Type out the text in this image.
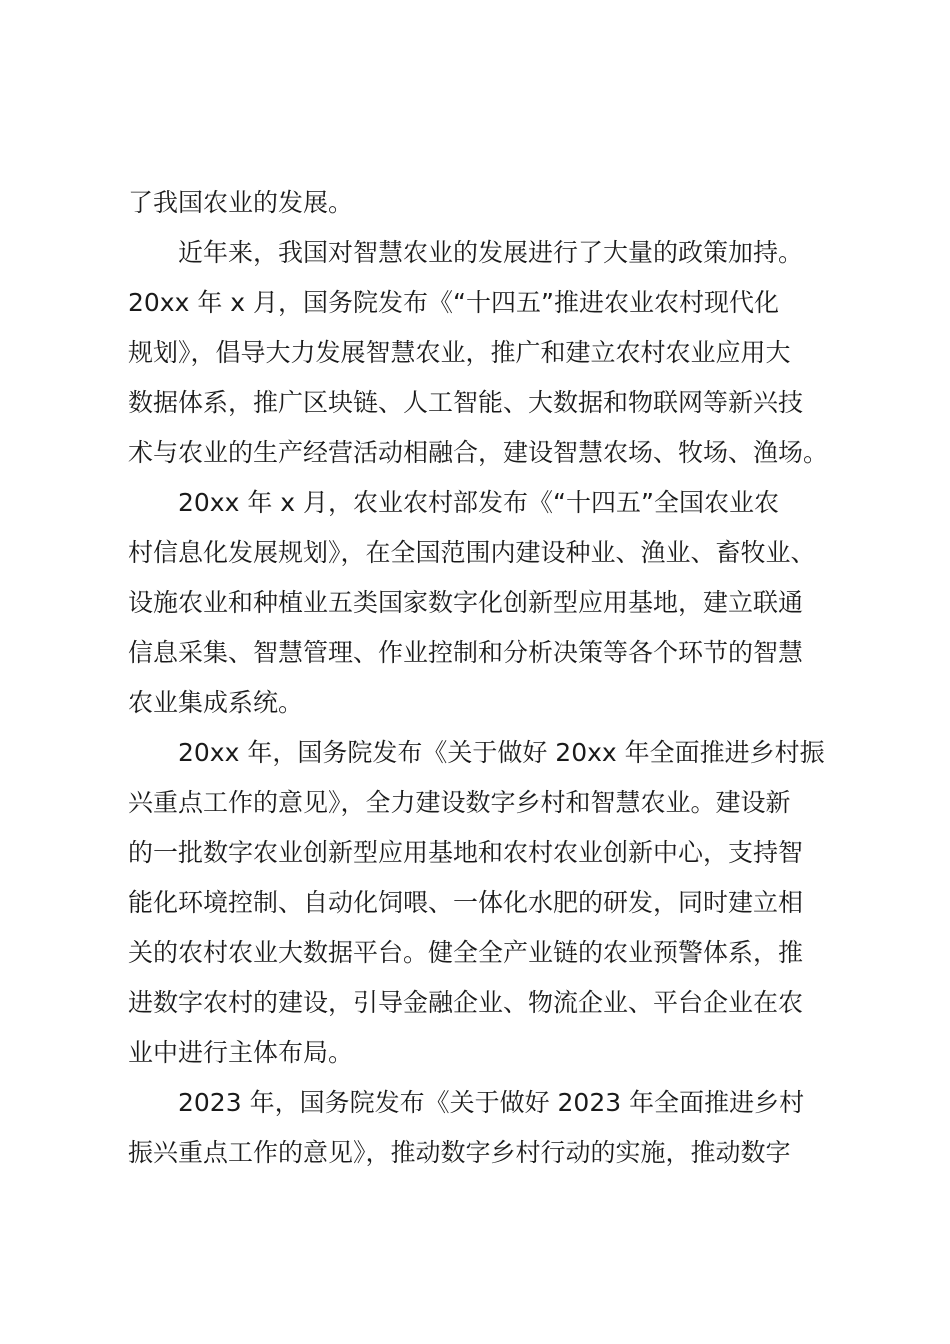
了我国农业的发展。
近年来，我国对智慧农业的发展进行了大量的政策加持。
20xx 年 x 月，国务院发布《“十四五”推进农业农村现代化
规划》，倡导大力发展智慧农业，推广和建立农村农业应用大
数据体系，推广区块链、人工智能、大数据和物联网等新兴技
术与农业的生产经营活动相融合，建设智慧农场、牧场、渔场。
20xx 年 x 月，农业农村部发布《“十四五”全国农业农
村信息化发展规划》，在全国范围内建设种业、渔业、畜牧业、
设施农业和种植业五类国家数字化创新型应用基地，建立联通
信息采集、智慧管理、作业控制和分析决策等各个环节的智慧
农业集成系统。
20xx 年，国务院发布《关于做好 20xx 年全面推进乡村振
兴重点工作的意见》，全力建设数字乡村和智慧农业。建设新
的一批数字农业创新型应用基地和农村农业创新中心，支持智
能化环境控制、自动化饲喂、一体化水肥的研发，同时建立相
关的农村农业大数据平台。健全全产业链的农业预警体系，推
进数字农村的建设，引导金融企业、物流企业、平台企业在农
业中进行主体布局。
2023 年，国务院发布《关于做好 2023 年全面推进乡村
振兴重点工作的意见》，推动数字乡村行动的实施，推动数字
